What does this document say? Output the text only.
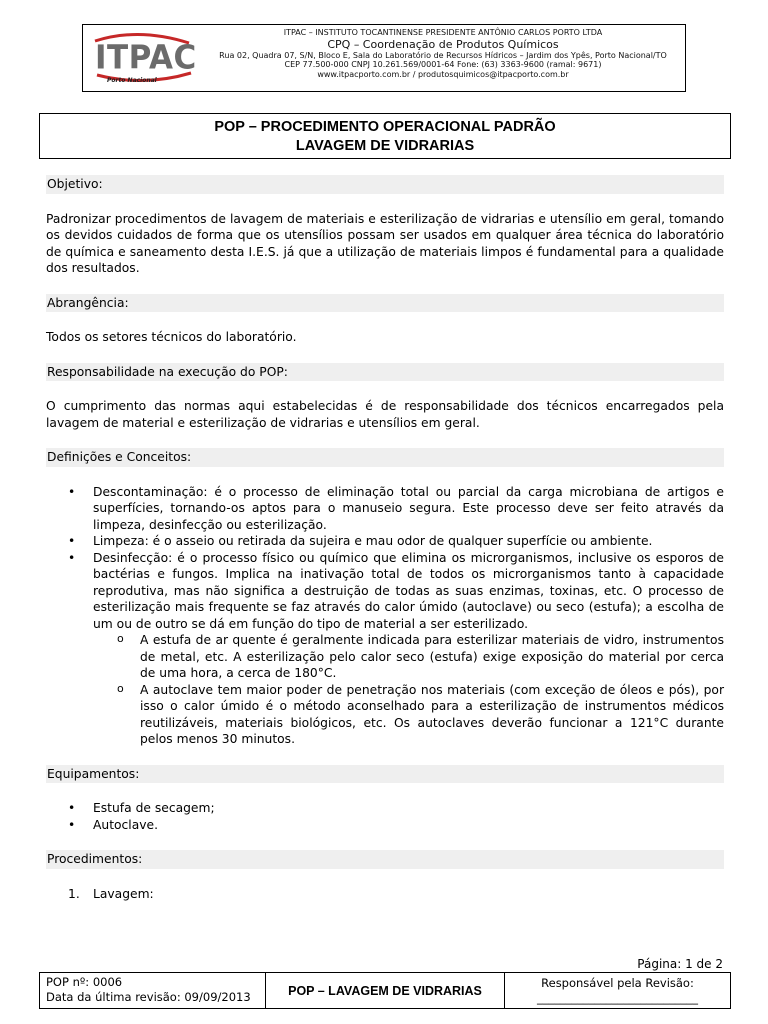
ITPAC
Porto Nacional
ITPAC – INSTITUTO TOCANTINENSE PRESIDENTE ANTÔNIO CARLOS PORTO LTDA
CPQ – Coordenação de Produtos Químicos
Rua 02, Quadra 07, S/N, Bloco E, Sala do Laboratório de Recursos Hídricos – Jardim dos Ypês, Porto Nacional/TO
CEP 77.500-000 CNPJ 10.261.569/0001-64 Fone: (63) 3363-9600 (ramal: 9671)
www.itpacporto.com.br / produtosquimicos@itpacporto.com.br
POP – PROCEDIMENTO OPERACIONAL PADRÃO
LAVAGEM DE VIDRARIAS
Objetivo:

Padronizar procedimentos de lavagem de materiais e esterilização de vidrarias e utensílio em geral, tomando os devidos cuidados de forma que os utensílios possam ser usados em qualquer área técnica do laboratório de química e saneamento desta I.E.S. já que a utilização de materiais limpos é fundamental para a qualidade dos resultados.

Abrangência:

Todos os setores técnicos do laboratório.

Responsabilidade na execução do POP:

O cumprimento das normas aqui estabelecidas é de responsabilidade dos técnicos encarregados pela lavagem de material e esterilização de vidrarias e utensílios em geral.

Definições e Conceitos:
• Descontaminação: é o processo de eliminação total ou parcial da carga microbiana de artigos e superfícies, tornando-os aptos para o manuseio segura. Este processo deve ser feito através da limpeza, desinfecção ou esterilização.
• Limpeza: é o asseio ou retirada da sujeira e mau odor de qualquer superfície ou ambiente.
• Desinfecção: é o processo físico ou químico que elimina os microrganismos, inclusive os esporos de bactérias e fungos. Implica na inativação total de todos os microrganismos tanto à capacidade reprodutiva, mas não significa a destruição de todas as suas enzimas, toxinas, etc. O processo de esterilização mais frequente se faz através do calor úmido (autoclave) ou seco (estufa); a escolha de um ou de outro se dá em função do tipo de material a ser esterilizado.
o A estufa de ar quente é geralmente indicada para esterilizar materiais de vidro, instrumentos de metal, etc. A esterilização pelo calor seco (estufa) exige exposição do material por cerca de uma hora, a cerca de 180°C.
o A autoclave tem maior poder de penetração nos materiais (com exceção de óleos e pós), por isso o calor úmido é o método aconselhado para a esterilização de instrumentos médicos reutilizáveis, materiais biológicos, etc. Os autoclaves deverão funcionar a 121°C durante pelos menos 30 minutos.
Equipamentos:
• Estufa de secagem;
• Autoclave.
Procedimentos:
1. Lavagem:
Página: 1 de 2
POP nº: 0006
Data da última revisão: 09/09/2013	POP – LAVAGEM DE VIDRARIAS
Responsável pela Revisão:
____________________________
